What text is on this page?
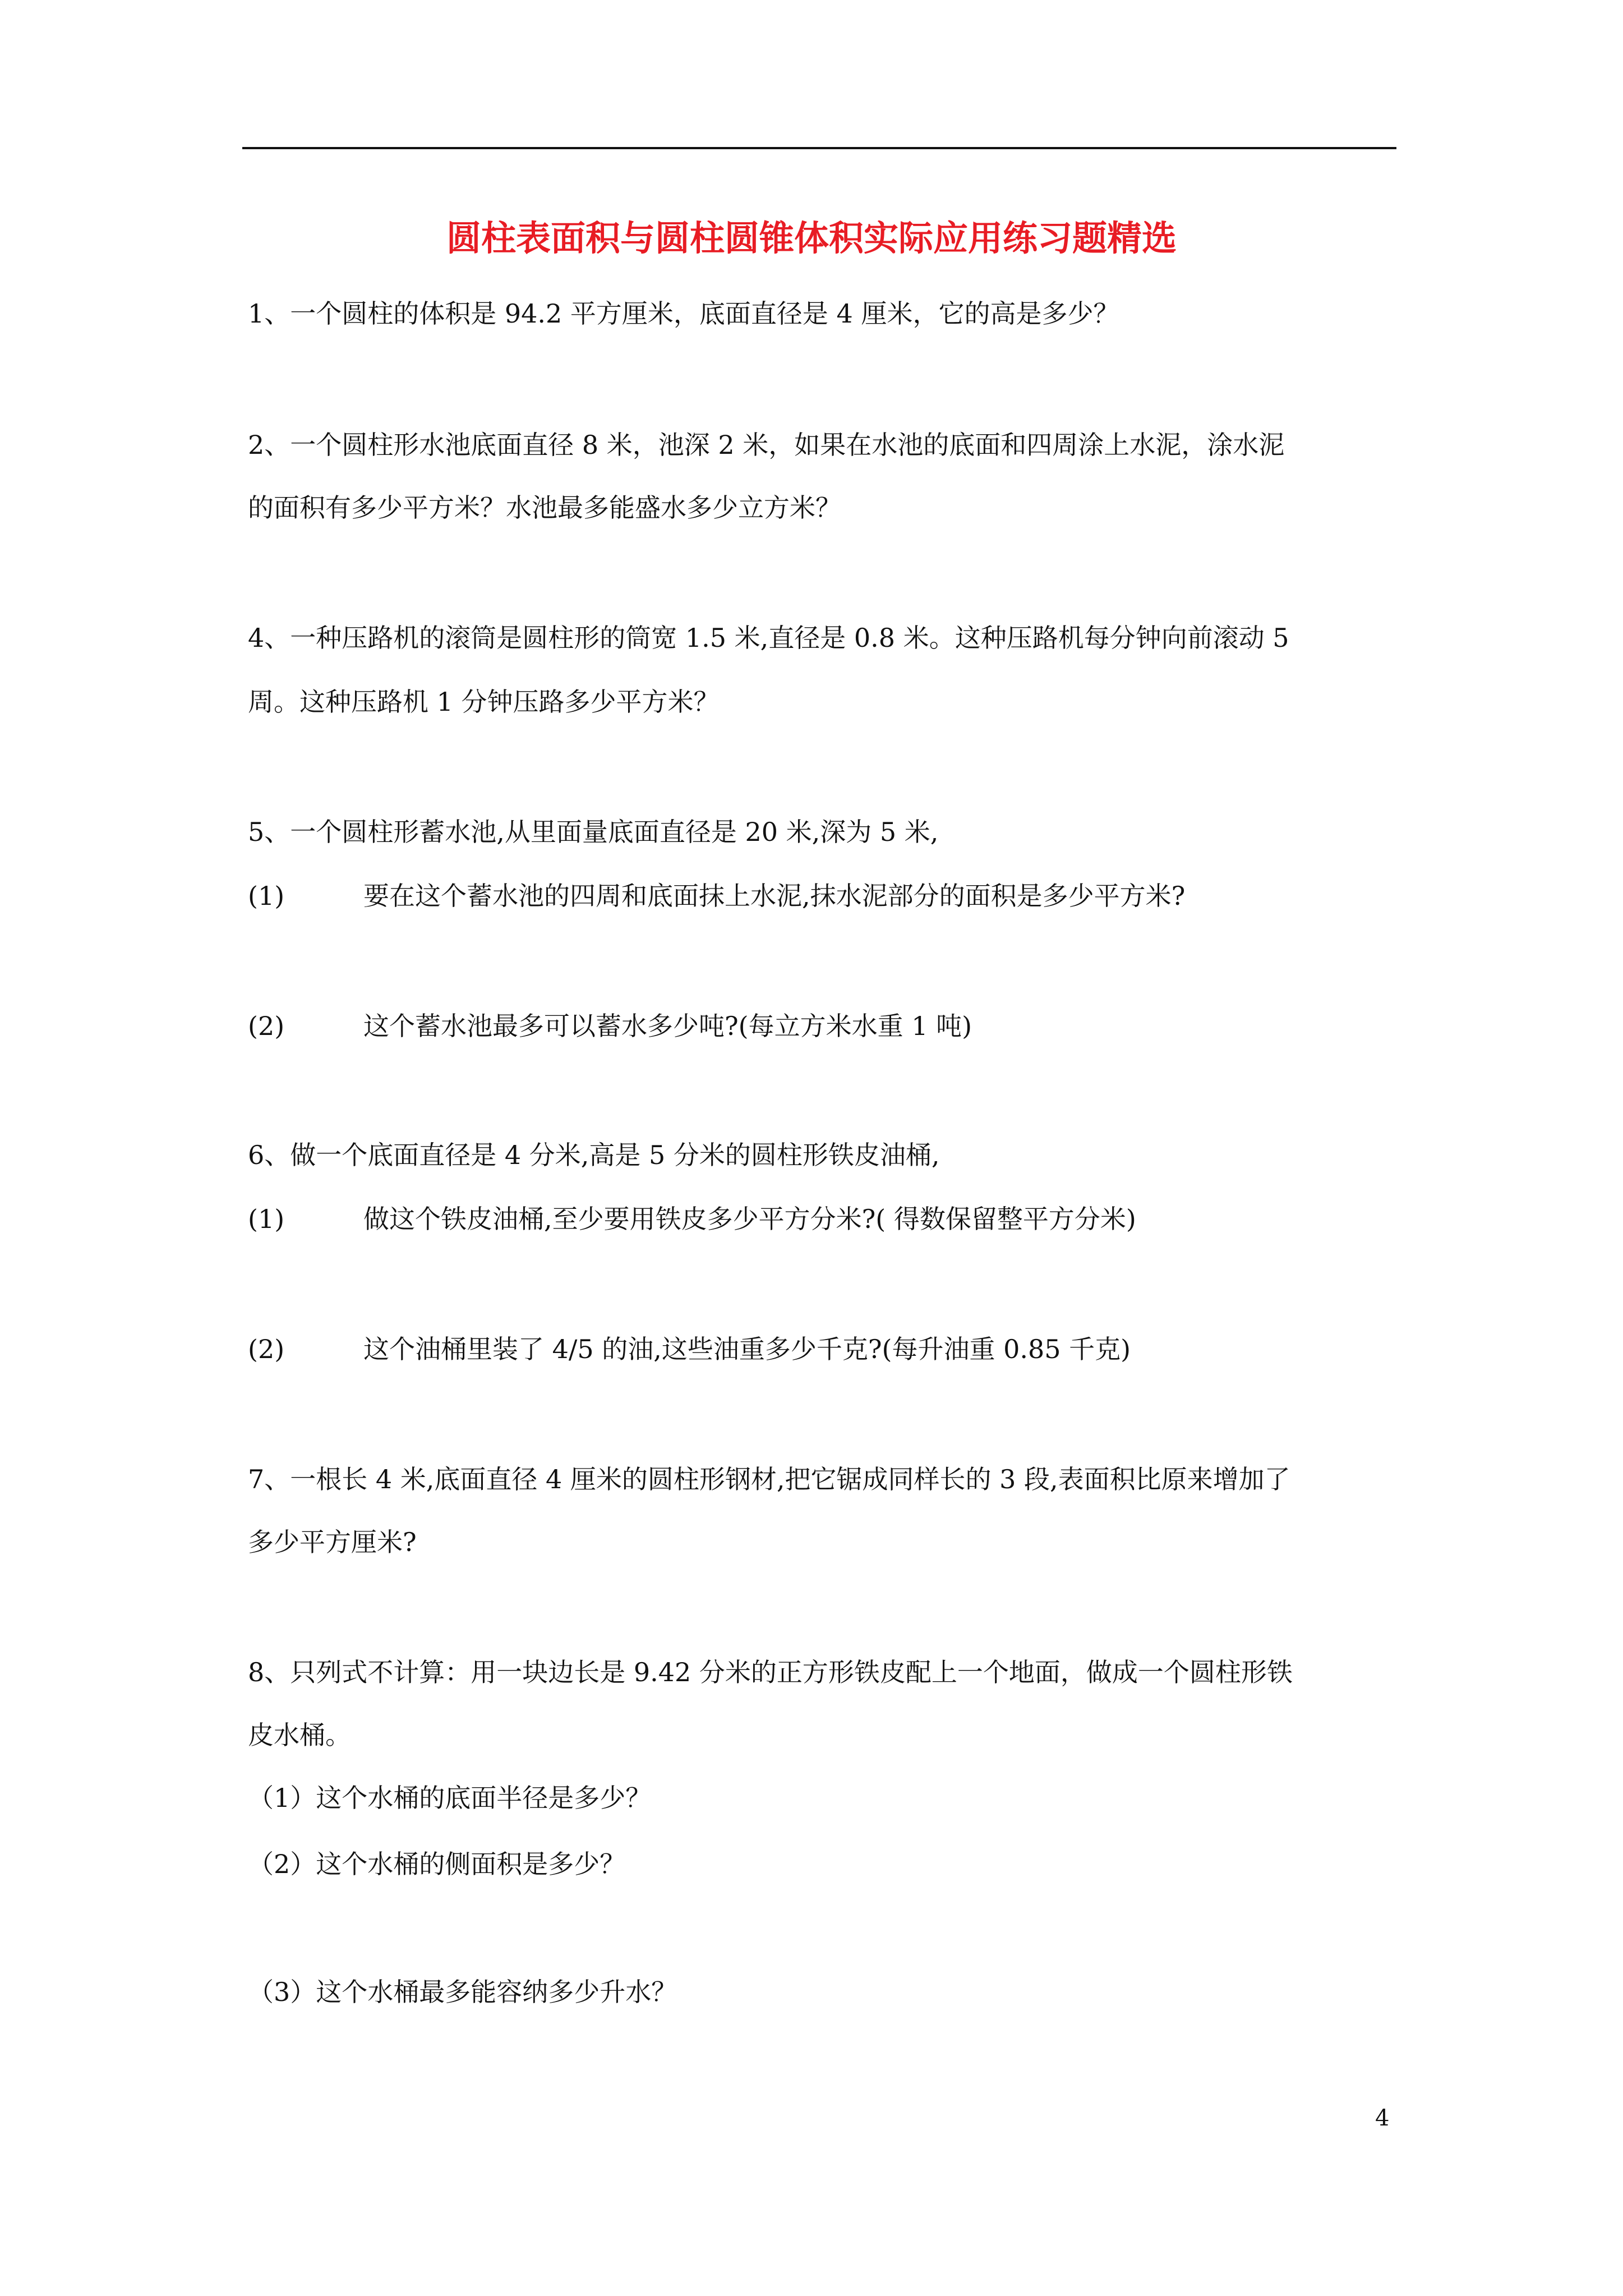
圆柱表面积与圆柱圆锥体积实际应用练习题精选
1、一个圆柱的体积是 94.2 平方厘米，底面直径是 4 厘米，它的高是多少？
2、一个圆柱形水池底面直径 8 米，池深 2 米，如果在水池的底面和四周涂上水泥，涂水泥
的面积有多少平方米？水池最多能盛水多少立方米？
4、一种压路机的滚筒是圆柱形的筒宽 1.5 米,直径是 0.8 米。这种压路机每分钟向前滚动 5
周。这种压路机 1 分钟压路多少平方米？
5、一个圆柱形蓄水池,从里面量底面直径是 20 米,深为 5 米,
(1)	要在这个蓄水池的四周和底面抹上水泥,抹水泥部分的面积是多少平方米?
(2)	这个蓄水池最多可以蓄水多少吨?(每立方米水重 1 吨)
6、做一个底面直径是 4 分米,高是 5 分米的圆柱形铁皮油桶,
(1)	做这个铁皮油桶,至少要用铁皮多少平方分米?( 得数保留整平方分米)
(2)	这个油桶里装了 4/5 的油,这些油重多少千克?(每升油重 0.85 千克)
7、一根长 4 米,底面直径 4 厘米的圆柱形钢材,把它锯成同样长的 3 段,表面积比原来增加了
多少平方厘米?
8、只列式不计算：用一块边长是 9.42 分米的正方形铁皮配上一个地面，做成一个圆柱形铁
皮水桶。
（1）这个水桶的底面半径是多少？
（2）这个水桶的侧面积是多少？
（3）这个水桶最多能容纳多少升水？
4
